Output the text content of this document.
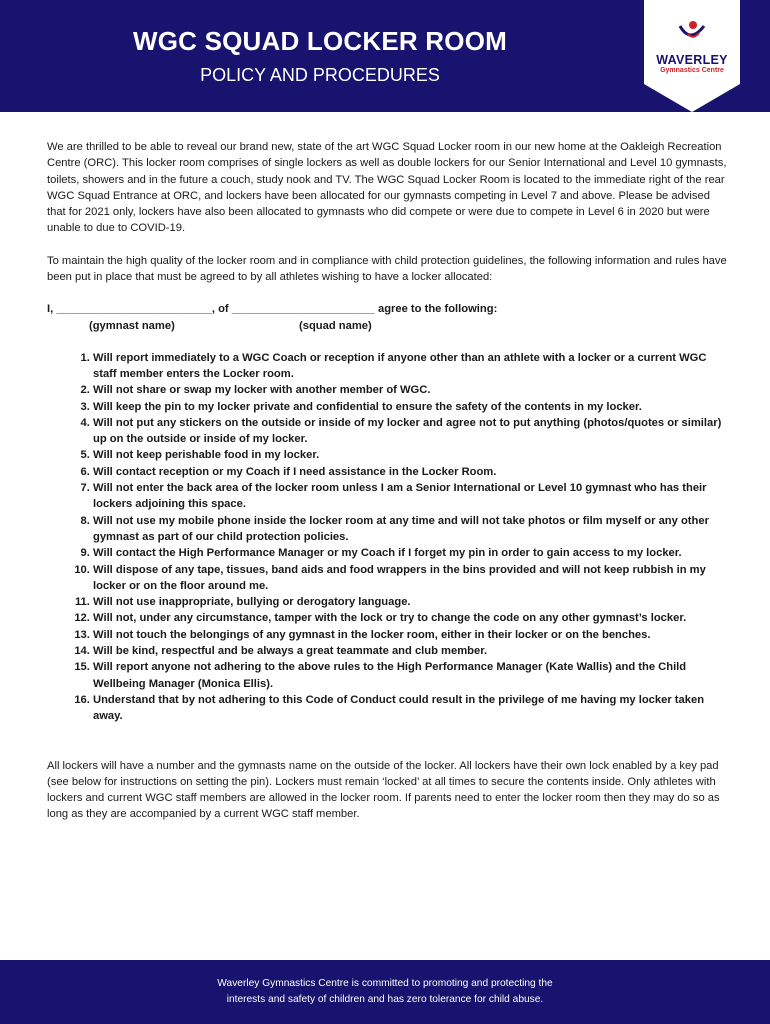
WGC SQUAD LOCKER ROOM
POLICY AND PROCEDURES
WAVERLEY
Gymnastics Centre

We are thrilled to be able to reveal our brand new, state of the art WGC Squad Locker room in our new home at the Oakleigh Recreation Centre (ORC). This locker room comprises of single lockers as well as double lockers for our Senior International and Level 10 gymnasts, toilets, showers and in the future a couch, study nook and TV. The WGC Squad Locker Room is located to the immediate right of the rear WGC Squad Entrance at ORC, and lockers have been allocated for our gymnasts competing in Level 7 and above. Please be advised that for 2021 only, lockers have also been allocated to gymnasts who did compete or were due to compete in Level 6 in 2020 but were unable to due to COVID-19.

To maintain the high quality of the locker room and in compliance with child protection guidelines, the following information and rules have been put in place that must be agreed to by all athletes wishing to have a locker allocated:

I, _________________________, of _______________________ agree to the following:
(gymnast name)	(squad name)
1. Will report immediately to a WGC Coach or reception if anyone other than an athlete with a locker or a current WGC staff member enters the Locker room.
2. Will not share or swap my locker with another member of WGC.
3. Will keep the pin to my locker private and confidential to ensure the safety of the contents in my locker.
4. Will not put any stickers on the outside or inside of my locker and agree not to put anything (photos/quotes or similar) up on the outside or inside of my locker.
5. Will not keep perishable food in my locker.
6. Will contact reception or my Coach if I need assistance in the Locker Room.
7. Will not enter the back area of the locker room unless I am a Senior International or Level 10 gymnast who has their lockers adjoining this space.
8. Will not use my mobile phone inside the locker room at any time and will not take photos or film myself or any other gymnast as part of our child protection policies.
9. Will contact the High Performance Manager or my Coach if I forget my pin in order to gain access to my locker.
10. Will dispose of any tape, tissues, band aids and food wrappers in the bins provided and will not keep rubbish in my locker or on the floor around me.
11. Will not use inappropriate, bullying or derogatory language.
12. Will not, under any circumstance, tamper with the lock or try to change the code on any other gymnast’s locker.
13. Will not touch the belongings of any gymnast in the locker room, either in their locker or on the benches.
14. Will be kind, respectful and be always a great teammate and club member.
15. Will report anyone not adhering to the above rules to the High Performance Manager (Kate Wallis) and the Child Wellbeing Manager (Monica Ellis).
16. Understand that by not adhering to this Code of Conduct could result in the privilege of me having my locker taken away.

All lockers will have a number and the gymnasts name on the outside of the locker. All lockers have their own lock enabled by a key pad (see below for instructions on setting the pin). Lockers must remain ‘locked’ at all times to secure the contents inside. Only athletes with lockers and current WGC staff members are allowed in the locker room. If parents need to enter the locker room then they may do so as long as they are accompanied by a current WGC staff member.

Waverley Gymnastics Centre is committed to promoting and protecting the
interests and safety of children and has zero tolerance for child abuse.
